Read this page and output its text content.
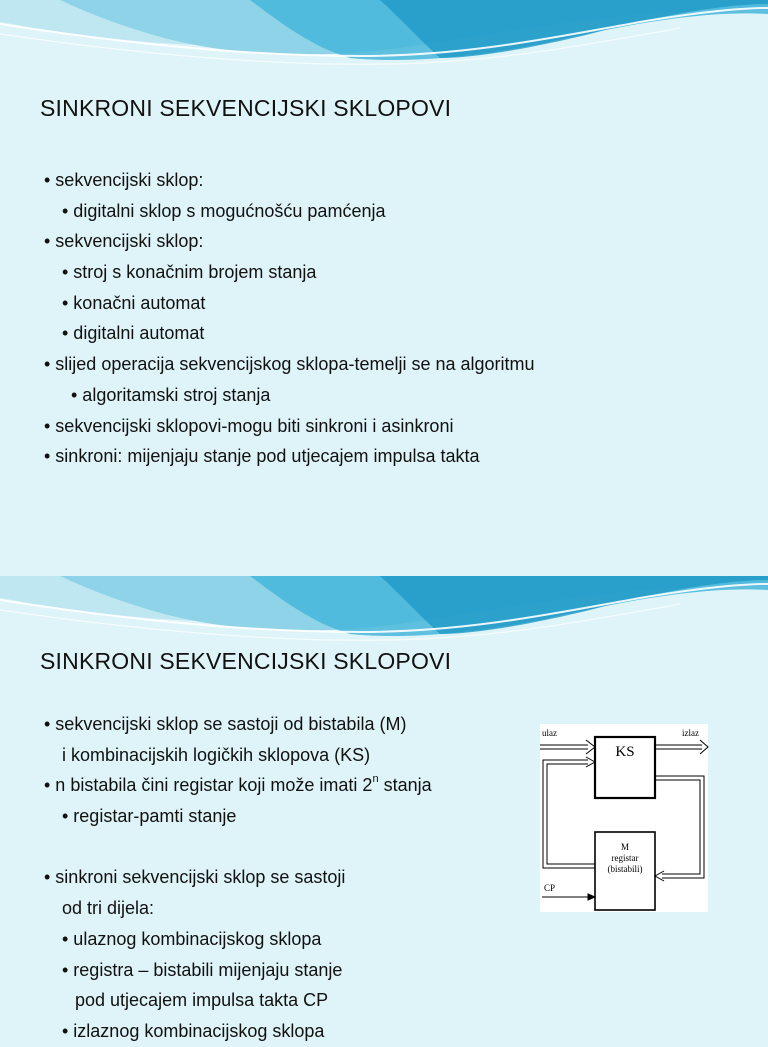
SINKRONI SEKVENCIJSKI SKLOPOVI
• sekvencijski sklop:
• digitalni sklop s mogućnošću pamćenja
• sekvencijski sklop:
• stroj s konačnim brojem stanja
• konačni automat
• digitalni automat
• slijed operacija sekvencijskog sklopa-temelji se na algoritmu
• algoritamski stroj stanja
• sekvencijski sklopovi-mogu biti sinkroni i asinkroni
• sinkroni: mijenjaju stanje pod utjecajem impulsa takta
SINKRONI SEKVENCIJSKI SKLOPOVI
• sekvencijski sklop se sastoji od bistabila (M)
i kombinacijskih logičkih sklopova (KS)
• n bistabila čini registar koji može imati 2$^n$ stanja
• registar-pamti stanje
• sinkroni sekvencijski sklop se sastoji
od tri dijela:
• ulaznog kombinacijskog sklopa
• registra – bistabili mijenjaju stanje
pod utjecajem impulsa takta CP
• izlaznog kombinacijskog sklopa
KS
M
registar
(bistabili)
ulaz	izlaz
CP
